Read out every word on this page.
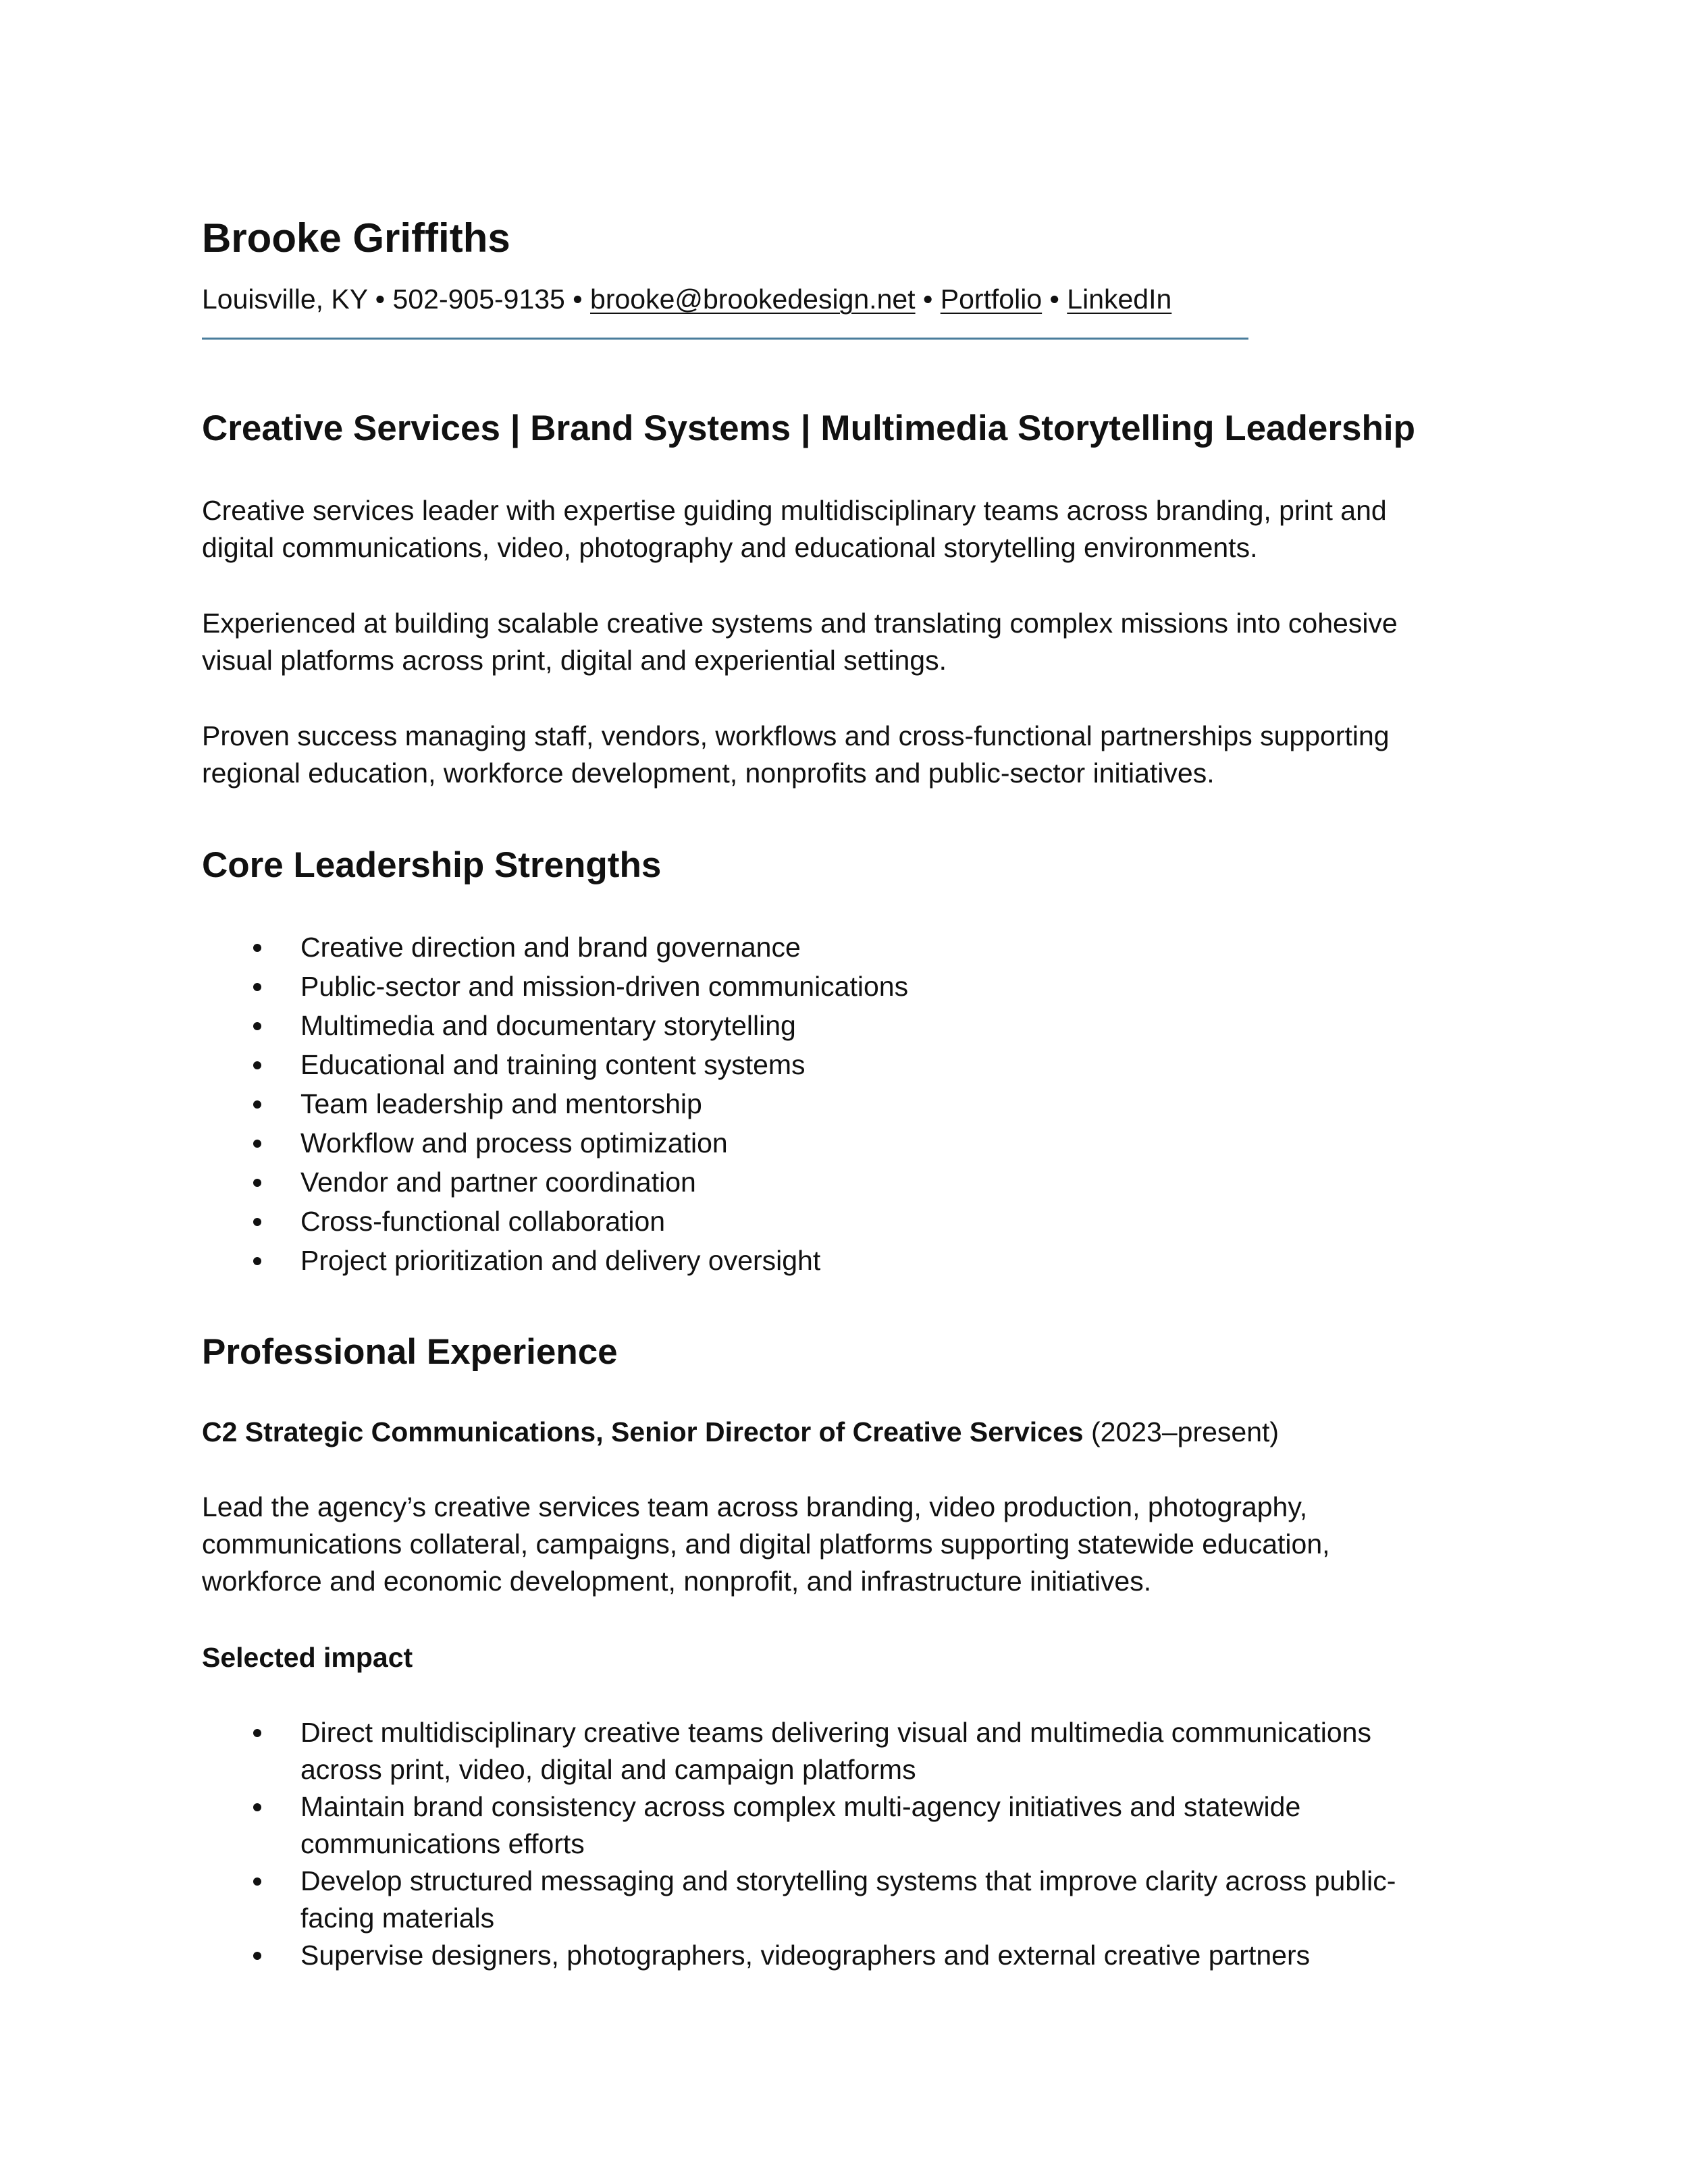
Brooke Griffiths
Louisville, KY • 502-905-9135 • brooke@brookedesign.net • Portfolio • LinkedIn
Creative Services | Brand Systems | Multimedia Storytelling Leadership
Creative services leader with expertise guiding multidisciplinary teams across branding, print and
digital communications, video, photography and educational storytelling environments.
Experienced at building scalable creative systems and translating complex missions into cohesive
visual platforms across print, digital and experiential settings.
Proven success managing staff, vendors, workflows and cross-functional partnerships supporting
regional education, workforce development, nonprofits and public-sector initiatives.
Core Leadership Strengths
Creative direction and brand governance
Public-sector and mission-driven communications
Multimedia and documentary storytelling
Educational and training content systems
Team leadership and mentorship
Workflow and process optimization
Vendor and partner coordination
Cross-functional collaboration
Project prioritization and delivery oversight
Professional Experience
C2 Strategic Communications, Senior Director of Creative Services (2023–present)
Lead the agency’s creative services team across branding, video production, photography,
communications collateral, campaigns, and digital platforms supporting statewide education,
workforce and economic development, nonprofit, and infrastructure initiatives.
Selected impact
Direct multidisciplinary creative teams delivering visual and multimedia communications
across print, video, digital and campaign platforms
Maintain brand consistency across complex multi-agency initiatives and statewide
communications efforts
Develop structured messaging and storytelling systems that improve clarity across public-
facing materials
Supervise designers, photographers, videographers and external creative partners
